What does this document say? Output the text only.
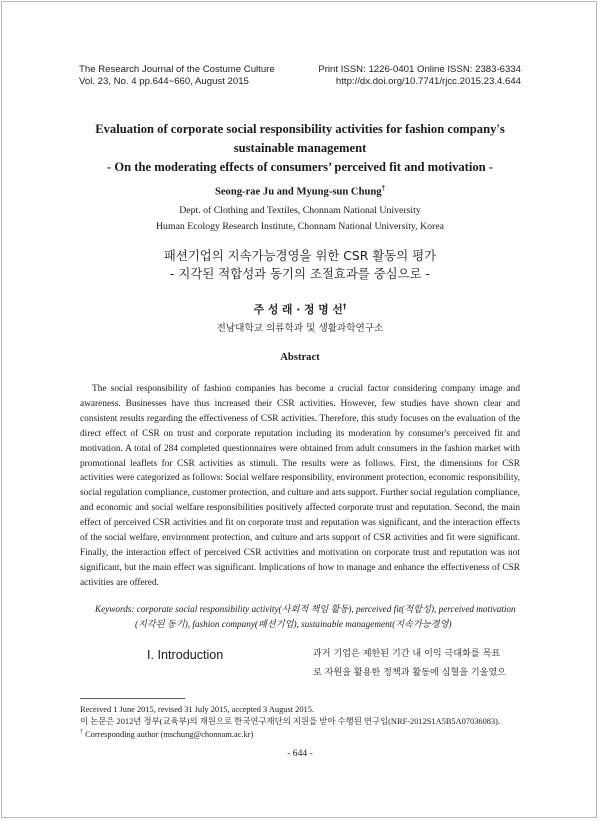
The Research Journal of the Costume Culture	Print ISSN: 1226-0401 Online ISSN: 2383-6334
Vol. 23, No. 4 pp.644~660, August 2015	http://dx.doi.org/10.7741/rjcc.2015.23.4.644
Evaluation of corporate social responsibility activities for fashion company's
sustainable management
- On the moderating effects of consumers’ perceived fit and motivation -
Seong-rae Ju and Myung-sun Chung†
Dept. of Clothing and Textiles, Chonnam National University
Human Ecology Research Institute, Chonnam National University, Korea
패션기업의 지속가능경영을 위한 CSR 활동의 평가
- 지각된 적합성과 동기의 조절효과를 중심으로 -
주 성 래 · 정 명 선†
전남대학교 의류학과 및 생활과학연구소
Abstract

The social responsibility of fashion companies has become a crucial factor considering company image and awareness. Businesses have thus increased their CSR activities. However, few studies have shown clear and consistent results regarding the effectiveness of CSR activities. Therefore, this study focuses on the evaluation of the direct effect of CSR on trust and corporate reputation including its moderation by consumer's perceived fit and motivation. A total of 284 completed questionnaires were obtained from adult consumers in the fashion market with promotional leaflets for CSR activities as stimuli. The results were as follows. First, the dimensions for CSR activities were categorized as follows: Social welfare responsibility, environment protection, economic responsibility, social regulation compliance, customer protection, and culture and arts support. Further social regulation compliance, and economic and social welfare responsibilities positively affected corporate trust and reputation. Second, the main effect of perceived CSR activities and fit on corporate trust and reputation was significant, and the interaction effects of the social welfare, environment protection, and culture and arts support of CSR activities and fit were significant. Finally, the interaction effect of perceived CSR activities and motivation on corporate trust and reputation was not significant, but the main effect was significant. Implications of how to manage and enhance the effectiveness of CSR activities are offered.

Keywords: corporate social responsibility activity(사회적 책임 활동), perceived fit(적합성), perceived motivation
(지각된 동기), fashion company(패션기업), sustainable management(지속가능경영)
I. Introduction	과거 기업은 제한된 기간 내 이익 극대화를 목표
로 자원을 활용한 정책과 활동에 심혈을 기울였으
Received 1 June 2015, revised 31 July 2015, accepted 3 August 2015.
이 논문은 2012년 정부(교육부)의 재원으로 한국연구재단의 지원을 받아 수행된 연구임(NRF-2012S1A5B5A07036083).
† Corresponding author (mschung@chonnam.ac.kr)
- 644 -
